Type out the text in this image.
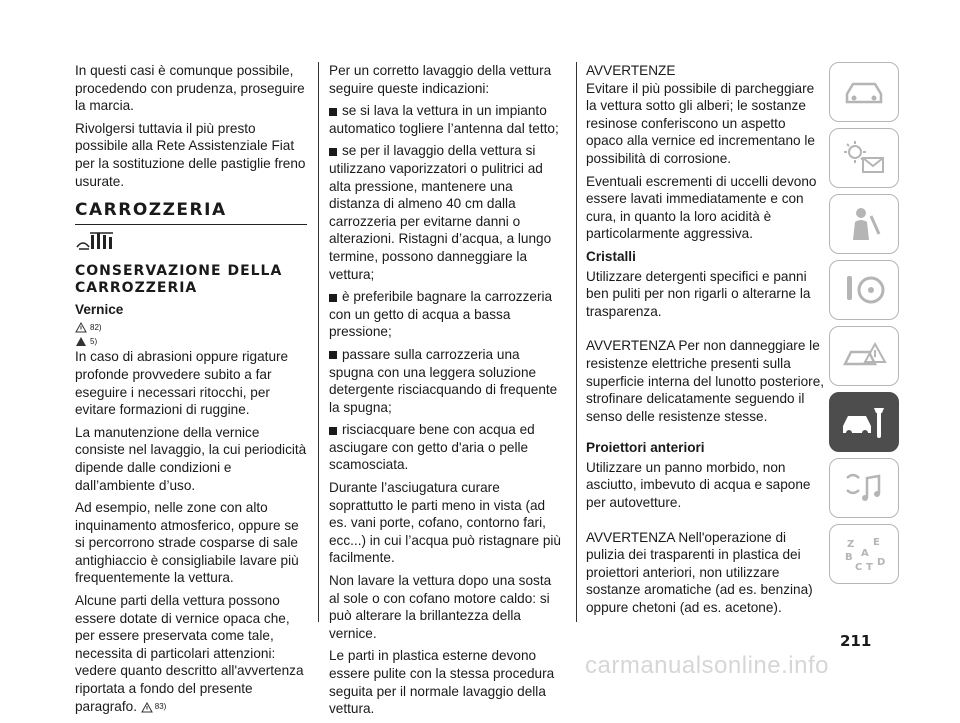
In questi casi è comunque possibile, procedendo con prudenza, proseguire la marcia.

Rivolgersi tuttavia il più presto possibile alla Rete Assistenziale Fiat per la sostituzione delle pastiglie freno usurate.

CARROZZERIA
CONSERVAZIONE DELLA CARROZZERIA
Vernice
82)
5)

In caso di abrasioni oppure rigature profonde provvedere subito a far eseguire i necessari ritocchi, per evitare formazioni di ruggine.

La manutenzione della vernice consiste nel lavaggio, la cui periodicità dipende dalle condizioni e dall’ambiente d’uso.

Ad esempio, nelle zone con alto inquinamento atmosferico, oppure se si percorrono strade cosparse di sale antighiaccio è consigliabile lavare più frequentemente la vettura.

Alcune parti della vettura possono essere dotate di vernice opaca che, per essere preservata come tale, necessita di particolari attenzioni: vedere quanto descritto all'avvertenza riportata a fondo del presente paragrafo. 83)

Per un corretto lavaggio della vettura seguire queste indicazioni:

se si lava la vettura in un impianto automatico togliere l’antenna dal tetto;

se per il lavaggio della vettura si utilizzano vaporizzatori o pulitrici ad alta pressione, mantenere una distanza di almeno 40 cm dalla carrozzeria per evitarne danni o alterazioni. Ristagni d’acqua, a lungo termine, possono danneggiare la vettura;

è preferibile bagnare la carrozzeria con un getto di acqua a bassa pressione;

passare sulla carrozzeria una spugna con una leggera soluzione detergente risciacquando di frequente la spugna;

risciacquare bene con acqua ed asciugare con getto d'aria o pelle scamosciata.

Durante l’asciugatura curare soprattutto le parti meno in vista (ad es. vani porte, cofano, contorno fari, ecc...) in cui l’acqua può ristagnare più facilmente.

Non lavare la vettura dopo una sosta al sole o con cofano motore caldo: si può alterare la brillantezza della vernice.

Le parti in plastica esterne devono essere pulite con la stessa procedura seguita per il normale lavaggio della vettura.

AVVERTENZE

Evitare il più possibile di parcheggiare la vettura sotto gli alberi; le sostanze resinose conferiscono un aspetto opaco alla vernice ed incrementano le possibilità di corrosione.

Eventuali escrementi di uccelli devono essere lavati immediatamente e con cura, in quanto la loro acidità è particolarmente aggressiva.

Cristalli

Utilizzare detergenti specifici e panni ben puliti per non rigarli o alterarne la trasparenza.

AVVERTENZA Per non danneggiare le resistenze elettriche presenti sulla superficie interna del lunotto posteriore, strofinare delicatamente seguendo il senso delle resistenze stesse.

Proiettori anteriori

Utilizzare un panno morbido, non asciutto, imbevuto di acqua e sapone per autovetture.

AVVERTENZA Nell'operazione di pulizia dei trasparenti in plastica dei proiettori anteriori, non utilizzare sostanze aromatiche (ad es. benzina) oppure chetoni (ad es. acetone).

Z E
B A
C T D
211
carmanualsonline.info
